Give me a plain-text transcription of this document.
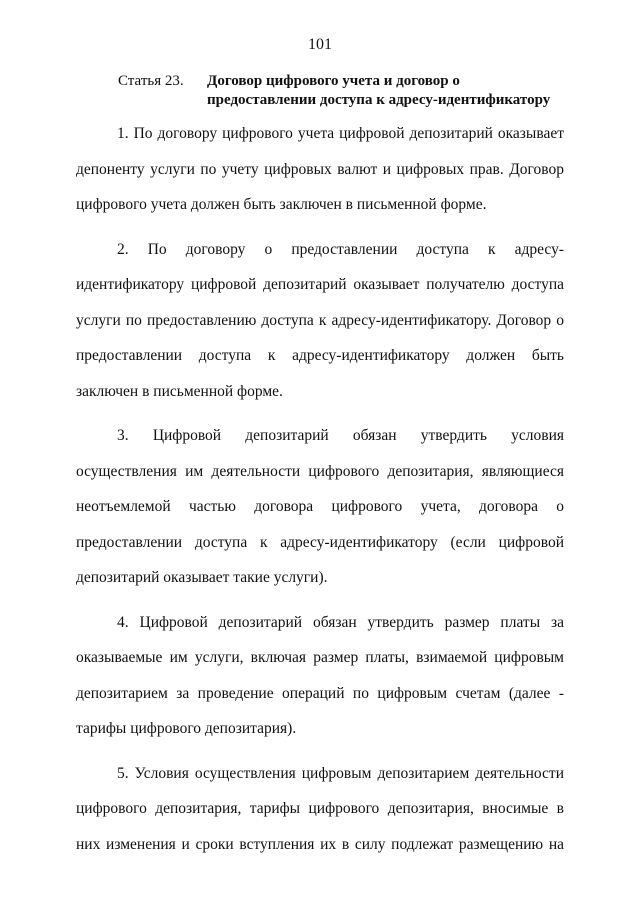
101
Статья 23. Договор цифрового учета и договор о
предоставлении доступа к адресу-идентификатору

1. По договору цифрового учета цифровой депозитарий оказывает депоненту услуги по учету цифровых валют и цифровых прав. Договор цифрового учета должен быть заключен в письменной форме.

2. По договору о предоставлении доступа к адресу-идентификатору цифровой депозитарий оказывает получателю доступа услуги по предоставлению доступа к адресу-идентификатору. Договор о предоставлении доступа к адресу-идентификатору должен быть заключен в письменной форме.

3. Цифровой депозитарий обязан утвердить условия осуществления им деятельности цифрового депозитария, являющиеся неотъемлемой частью договора цифрового учета, договора о предоставлении доступа к адресу-идентификатору (если цифровой депозитарий оказывает такие услуги).

4. Цифровой депозитарий обязан утвердить размер платы за оказываемые им услуги, включая размер платы, взимаемой цифровым депозитарием за проведение операций по цифровым счетам (далее - тарифы цифрового депозитария).

5. Условия осуществления цифровым депозитарием деятельности цифрового депозитария, тарифы цифрового депозитария, вносимые в них изменения и сроки вступления их в силу подлежат размещению на
